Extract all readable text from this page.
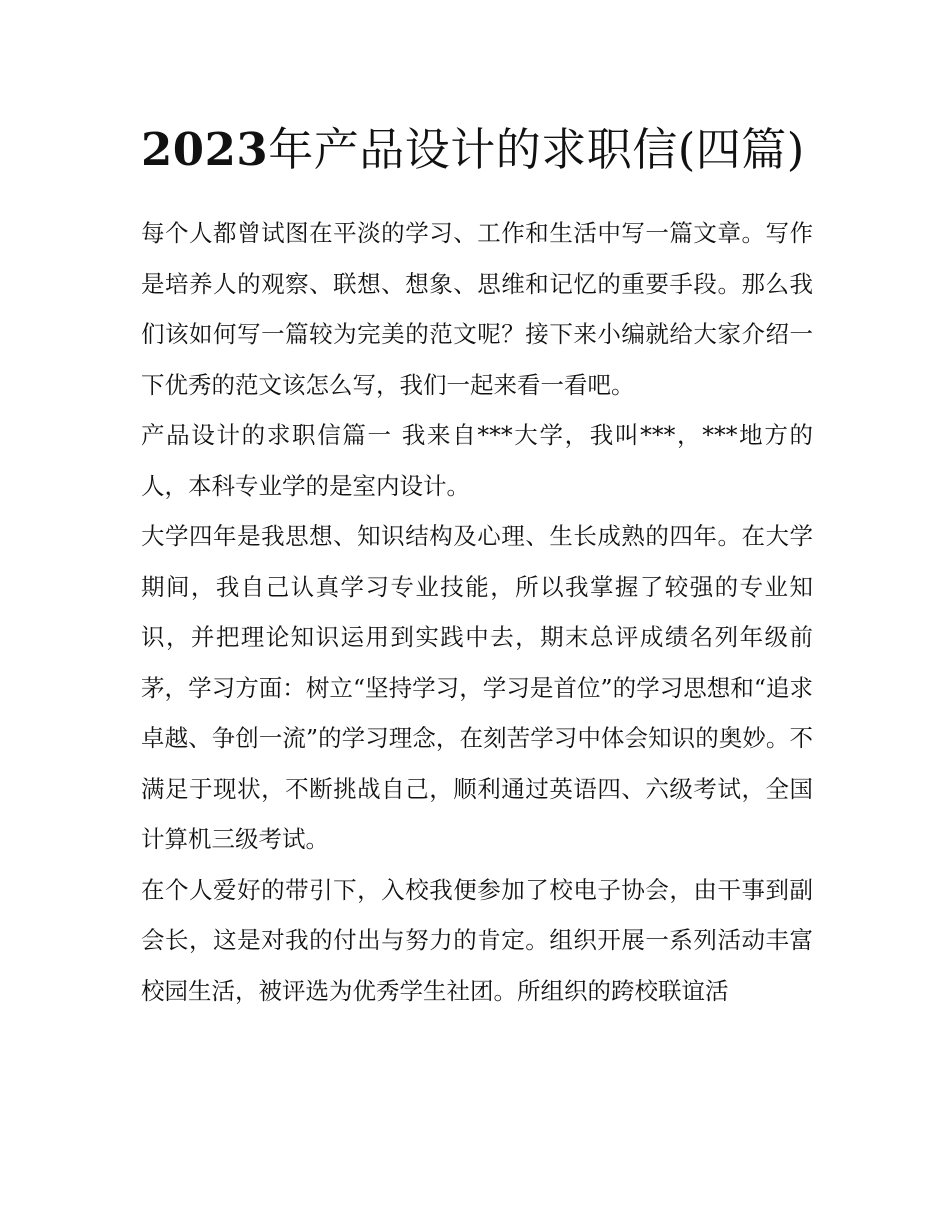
2023年产品设计的求职信(四篇)

每个人都曾试图在平淡的学习、工作和生活中写一篇文章。写作是培养人的观察、联想、想象、思维和记忆的重要手段。那么我们该如何写一篇较为完美的范文呢？接下来小编就给大家介绍一下优秀的范文该怎么写，我们一起来看一看吧。

产品设计的求职信篇一 我来自***大学，我叫***，***地方的人，本科专业学的是室内设计。

大学四年是我思想、知识结构及心理、生长成熟的四年。在大学期间，我自己认真学习专业技能，所以我掌握了较强的专业知识，并把理论知识运用到实践中去，期末总评成绩名列年级前茅，学习方面：树立“坚持学习，学习是首位”的学习思想和“追求卓越、争创一流”的学习理念，在刻苦学习中体会知识的奥妙。不满足于现状，不断挑战自己，顺利通过英语四、六级考试，全国计算机三级考试。

在个人爱好的带引下，入校我便参加了校电子协会，由干事到副会长，这是对我的付出与努力的肯定。组织开展一系列活动丰富校园生活，被评选为优秀学生社团。所组织的跨校联谊活
